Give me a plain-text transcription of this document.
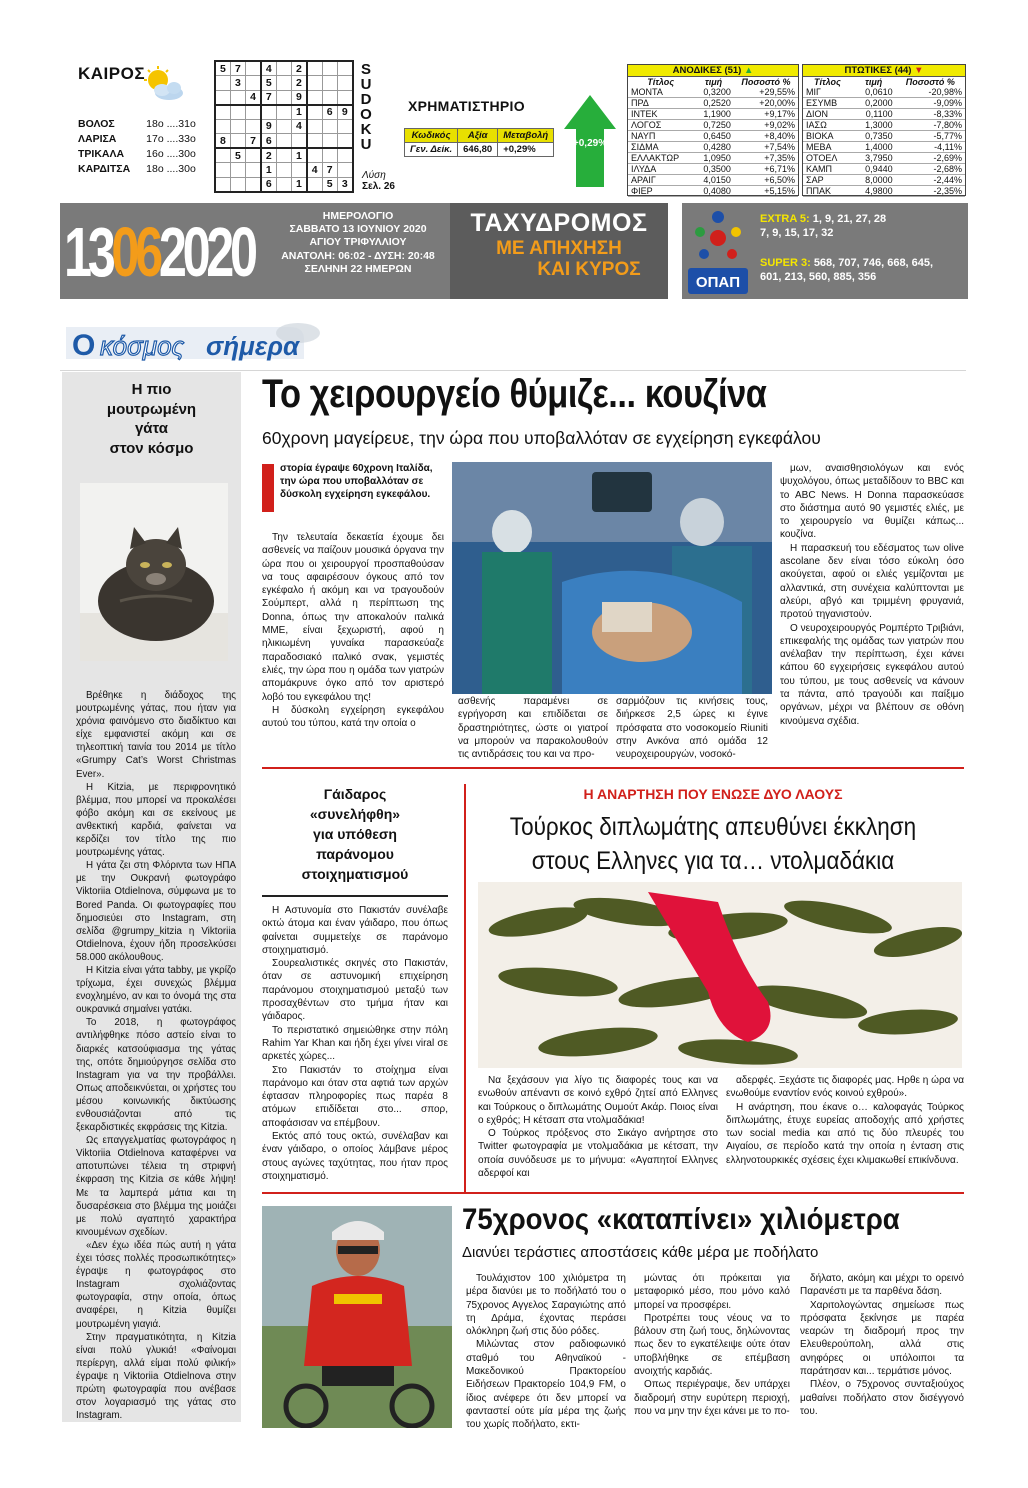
ΚΑΙΡΟΣ
ΒΟΛΟΣ	18ο ....31ο
ΛΑΡΙΣΑ	17ο ....33ο
ΤΡΙΚΑΛΑ	16ο ....30ο
ΚΑΡΔΙΤΣΑ	18ο ....30ο
5	7		4		2			
	3		5		2			
		4	7		9			
					1		6	9
			9		4			
8		7	6					
	5		2		1			
			1			4	7	
			6		1		5	3
S
U
D
O
K
U
Λύση
Σελ. 26
ΧΡΗΜΑΤΙΣΤΗΡΙΟ
Κωδικός	Αξία	Μεταβολή
Γεν. Δείκ.	646,80	+0,29%
+0,29%
ΑΝΟΔΙΚΕΣ (51) ▲
Τίτλος	τιμή	Ποσοστό %
ΜΟΝΤΑ	0,3200	+29,55%
ΠΡΔ	0,2520	+20,00%
ΙΝΤΕΚ	1,1900	+9,17%
ΛΟΓΟΣ	0,7250	+9,02%
ΝΑΥΠ	0,6450	+8,40%
ΣΙΔΜΑ	0,4280	+7,54%
ΕΛΛΑΚΤΩΡ	1,0950	+7,35%
ΙΛΥΔΑ	0,3500	+6,71%
ΑΡΑΙΓ	4,0150	+6,50%
ΦΙΕΡ	0,4080	+5,15%
ΠΤΩΤΙΚΕΣ (44) ▼
Τίτλος	τιμή	Ποσοστό %
ΜΙΓ	0,0610	-20,98%
ΕΣΥΜΒ	0,2000	-9,09%
ΔΙΟΝ	0,1100	-8,33%
ΙΑΣΩ	1,3000	-7,80%
ΒΙΟΚΑ	0,7350	-5,77%
ΜΕΒΑ	1,4000	-4,11%
ΟΤΟΕΛ	3,7950	-2,69%
ΚΑΜΠ	0,9440	-2,68%
ΣΑΡ	8,0000	-2,44%
ΠΠΑΚ	4,9800	-2,35%
13062020	ΗΜΕΡΟΛΟΓΙΟ
ΣΑΒΒΑΤΟ 13 ΙΟΥΝΙΟΥ 2020
ΑΓΙΟΥ ΤΡΙΦΥΛΛΙΟΥ
ΑΝΑΤΟΛΗ: 06:02 - ΔΥΣΗ: 20:48
ΣΕΛΗΝΗ 22 ΗΜΕΡΩΝ
ΤΑΧΥΔΡΟΜΟΣ
ΜΕ ΑΠΗΧΗΣΗ
ΚΑΙ ΚΥΡΟΣ
ΟΠΑΠ
EXTRA 5: 1, 9, 21, 27, 28
7, 9, 15, 17, 32
SUPER 3: 568, 707, 746, 668, 645,
601, 213, 560, 885, 356
Ο κόσμος σήμερα
Η πιο
μουτρωμένη
γάτα
στον κόσμο

Βρέθηκε η διάδοχος της μουτρωμένης γάτας, που ήταν για χρόνια φαινόμενο στο διαδίκτυο και είχε εμφανιστεί ακόμη και σε τηλεοπτική ταινία του 2014 με τίτλο «Grumpy Cat’s Worst Christmas Ever».

Η Kitzia, με περιφρονητικό βλέμμα, που μπορεί να προκαλέσει φόβο ακόμη και σε εκείνους με ανθεκτική καρδιά, φαίνεται να κερδίζει τον τίτλο της πιο μουτρωμένης γάτας.

Η γάτα ζει στη Φλόριντα των ΗΠΑ με την Ουκρανή φωτογράφο Viktoriia Otdielnova, σύμφωνα με το Bored Panda. Οι φωτογραφίες που δημοσιεύει στο Instagram, στη σελίδα @grumpy_kitzia η Viktoriia Otdielnova, έχουν ήδη προσελκύσει 58.000 ακόλουθους.

Η Kitzia είναι γάτα tabby, με γκρίζο τρίχωμα, έχει συνεχώς βλέμμα ενοχλημένο, αν και το όνομά της στα ουκρανικά σημαίνει γατάκι.

Το 2018, η φωτογράφος αντιλήφθηκε πόσο αστείο είναι το διαρκές κατσούφιασμα της γάτας της, οπότε δημιούργησε σελίδα στο Instagram για να την προβάλλει. Οπως αποδεικνύεται, οι χρήστες του μέσου κοινωνικής δικτύωσης ενθουσιάζονται από τις ξεκαρδιστικές εκφράσεις της Kitzia.

Ως επαγγελματίας φωτογράφος η Viktoriia Otdielnova καταφέρνει να αποτυπώνει τέλεια τη στριφνή έκφραση της Kitzia σε κάθε λήψη! Με τα λαμπερά μάτια και τη δυσαρέσκεια στο βλέμμα της μοιάζει με πολύ αγαπητό χαρακτήρα κινουμένων σχεδίων.

«Δεν έχω ιδέα πώς αυτή η γάτα έχει τόσες πολλές προσωπικότητες» έγραψε η φωτογράφος στο Instagram σχολιάζοντας φωτογραφία, στην οποία, όπως αναφέρει, η Kitzia θυμίζει μουτρωμένη γιαγιά.

Στην πραγματικότητα, η Kitzia είναι πολύ γλυκιά! «Φαίνομαι περίεργη, αλλά είμαι πολύ φιλική» έγραψε η Viktoriia Otdielnova στην πρώτη φωτογραφία που ανέβασε στον λογαριασμό της γάτας στο Instagram.

Το χειρουργείο θύμιζε... κουζίνα
60χρονη μαγείρευε, την ώρα που υποβαλλόταν σε εγχείρηση εγκεφάλου
στορία έγραψε 60χρονη Ιταλίδα, την ώρα που υποβαλλόταν σε δύσκολη εγχείρηση εγκεφάλου.

Την τελευταία δεκαετία έχουμε δει ασθενείς να παίζουν μουσικά όργανα την ώρα που οι χειρουργοί προσπαθούσαν να τους αφαιρέσουν όγκους από τον εγκέφαλο ή ακόμη και να τραγουδούν Σούμπερτ, αλλά η περίπτωση της Donna, όπως την αποκαλούν ιταλικά ΜΜΕ, είναι ξεχωριστή, αφού η ηλικιωμένη γυναίκα παρασκεύαζε παραδοσιακό ιταλικό σνακ, γεμιστές ελιές, την ώρα που η ομάδα των γιατρών απομάκρυνε όγκο από τον αριστερό λοβό του εγκεφάλου της!

Η δύσκολη εγχείρηση εγκεφάλου αυτού του τύπου, κατά την οποία ο

ασθενής παραμένει σε εγρήγορση και επιδίδεται σε δραστηριότητες, ώστε οι γιατροί να μπορούν να παρακολουθούν τις αντιδράσεις του και να προ-
σαρμόζουν τις κινήσεις τους, διήρκεσε 2,5 ώρες κι έγινε πρόσφατα στο νοσοκομείο Riuniti στην Ανκόνα από ομάδα 12 νευροχειρουργών, νοσοκό-

μων, αναισθησιολόγων και ενός ψυχολόγου, όπως μεταδίδουν το BBC και το ABC News. Η Donna παρασκεύασε στο διάστημα αυτό 90 γεμιστές ελιές, με το χειρουργείο να θυμίζει κάπως... κουζίνα.

Η παρασκευή του εδέσματος των olive ascolane δεν είναι τόσο εύκολη όσο ακούγεται, αφού οι ελιές γεμίζονται με αλλαντικά, στη συνέχεια καλύπτονται με αλεύρι, αβγό και τριμμένη φρυγανιά, προτού τηγανιστούν.

Ο νευροχειρουργός Ρομπέρτο Τριβιάνι, επικεφαλής της ομάδας των γιατρών που ανέλαβαν την περίπτωση, έχει κάνει κάπου 60 εγχειρήσεις εγκεφάλου αυτού του τύπου, με τους ασθενείς να κάνουν τα πάντα, από τραγούδι και παίξιμο οργάνων, μέχρι να βλέπουν σε οθόνη κινούμενα σχέδια.

Γάιδαρος
«συνελήφθη»
για υπόθεση
παράνομου
στοιχηματισμού

Η Αστυνομία στο Πακιστάν συνέλαβε οκτώ άτομα και έναν γάιδαρο, που όπως φαίνεται συμμετείχε σε παράνομο στοιχηματισμό.

Σουρεαλιστικές σκηνές στο Πακιστάν, όταν σε αστυνομική επιχείρηση παράνομου στοιχηματισμού μεταξύ των προσαχθέντων στο τμήμα ήταν και γάιδαρος.

Το περιστατικό σημειώθηκε στην πόλη Rahim Yar Khan και ήδη έχει γίνει viral σε αρκετές χώρες...

Στο Πακιστάν το στοίχημα είναι παράνομο και όταν στα αφτιά των αρχών έφτασαν πληροφορίες πως παρέα 8 ατόμων επιδίδεται στο... σπορ, αποφάσισαν να επέμβουν.

Εκτός από τους οκτώ, συνέλαβαν και έναν γάιδαρο, ο οποίος λάμβανε μέρος στους αγώνες ταχύτητας, που ήταν προς στοιχηματισμό.

Η ΑΝΑΡΤΗΣΗ ΠΟΥ ΕΝΩΣΕ ΔΥΟ ΛΑΟΥΣ
Τούρκος διπλωμάτης απευθύνει έκκληση
στους Ελληνες για τα… ντολμαδάκια

Να ξεχάσουν για λίγο τις διαφορές τους και να ενωθούν απέναντι σε κοινό εχθρό ζητεί από Ελληνες και Τούρκους ο διπλωμάτης Ουμούτ Ακάρ. Ποιος είναι ο εχθρός; Η κέτσαπ στα ντολμαδάκια!

Ο Τούρκος πρόξενος στο Σικάγο ανήρτησε στο Twitter φωτογραφία με ντολμαδάκια με κέτσαπ, την οποία συνόδευσε με το μήνυμα: «Αγαπητοί Ελληνες αδερφοί και

αδερφές. Ξεχάστε τις διαφορές μας. Ηρθε η ώρα να ενωθούμε εναντίον ενός κοινού εχθρού».

Η ανάρτηση, που έκανε ο… καλοφαγάς Τούρκος διπλωμάτης, έτυχε ευρείας αποδοχής από χρήστες των social media και από τις δύο πλευρές του Αιγαίου, σε περίοδο κατά την οποία η ένταση στις ελληνοτουρκικές σχέσεις έχει κλιμακωθεί επικίνδυνα.

75χρονος «καταπίνει» χιλιόμετρα
Διανύει τεράστιες αποστάσεις κάθε μέρα με ποδήλατο

Τουλάχιστον 100 χιλιόμετρα τη μέρα διανύει με το ποδήλατό του ο 75χρονος Αγγελος Σαραγιώτης από τη Δράμα, έχοντας περάσει ολόκληρη ζωή στις δύο ρόδες.

Μιλώντας στον ραδιοφωνικό σταθμό του Αθηναϊκού - Μακεδονικού Πρακτορείου Ειδήσεων Πρακτορείο 104,9 FM, ο ίδιος ανέφερε ότι δεν μπορεί να φανταστεί ούτε μία μέρα της ζωής του χωρίς ποδήλατο, εκτι-

μώντας ότι πρόκειται για μεταφορικό μέσο, που μόνο καλό μπορεί να προσφέρει.

Προτρέπει τους νέους να το βάλουν στη ζωή τους, δηλώνοντας πως δεν το εγκατέλειψε ούτε όταν υποβλήθηκε σε επέμβαση ανοιχτής καρδιάς.

Οπως περιέγραψε, δεν υπάρχει διαδρομή στην ευρύτερη περιοχή, που να μην την έχει κάνει με το πο-

δήλατο, ακόμη και μέχρι το ορεινό Παρανέστι με τα παρθένα δάση.

Χαριτολογώντας σημείωσε πως πρόσφατα ξεκίνησε με παρέα νεαρών τη διαδρομή προς την Ελευθερούπολη, αλλά στις ανηφόρες οι υπόλοιποι τα παράτησαν και... τερμάτισε μόνος.

Πλέον, ο 75χρονος συνταξιούχος μαθαίνει ποδήλατο στον δισέγγονό του.
